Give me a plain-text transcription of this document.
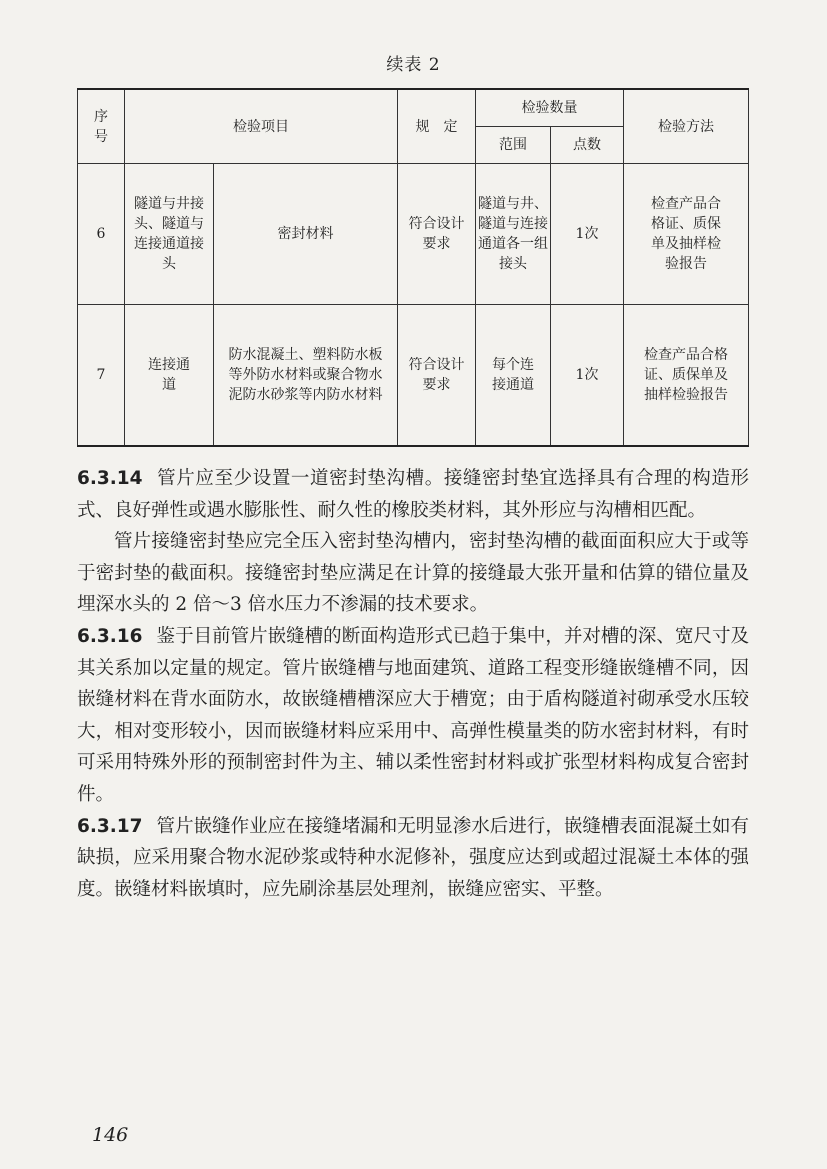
续表 2
序号	检验项目		规　定	检验数量		检验方法
				范围	点数	
6	隧道与井接头、隧道与连接通道接头	密封材料	符合设计要求	隧道与井、隧道与连接通道各一组接头	1次	检查产品合格证、质保单及抽样检验报告
7	连接通道	防水混凝土、塑料防水板等外防水材料或聚合物水泥防水砂浆等内防水材料	符合设计要求	每个连接通道	1次	检查产品合格证、质保单及抽样检验报告

6.3.14 管片应至少设置一道密封垫沟槽。接缝密封垫宜选择具有合理的构造形式、良好弹性或遇水膨胀性、耐久性的橡胶类材料，其外形应与沟槽相匹配。

管片接缝密封垫应完全压入密封垫沟槽内，密封垫沟槽的截面面积应大于或等于密封垫的截面积。接缝密封垫应满足在计算的接缝最大张开量和估算的错位量及埋深水头的 2 倍～3 倍水压力不渗漏的技术要求。

6.3.16 鉴于目前管片嵌缝槽的断面构造形式已趋于集中，并对槽的深、宽尺寸及其关系加以定量的规定。管片嵌缝槽与地面建筑、道路工程变形缝嵌缝槽不同，因嵌缝材料在背水面防水，故嵌缝槽槽深应大于槽宽；由于盾构隧道衬砌承受水压较大，相对变形较小，因而嵌缝材料应采用中、高弹性模量类的防水密封材料，有时可采用特殊外形的预制密封件为主、辅以柔性密封材料或扩张型材料构成复合密封件。

6.3.17 管片嵌缝作业应在接缝堵漏和无明显渗水后进行，嵌缝槽表面混凝土如有缺损，应采用聚合物水泥砂浆或特种水泥修补，强度应达到或超过混凝土本体的强度。嵌缝材料嵌填时，应先刷涂基层处理剂，嵌缝应密实、平整。

146
